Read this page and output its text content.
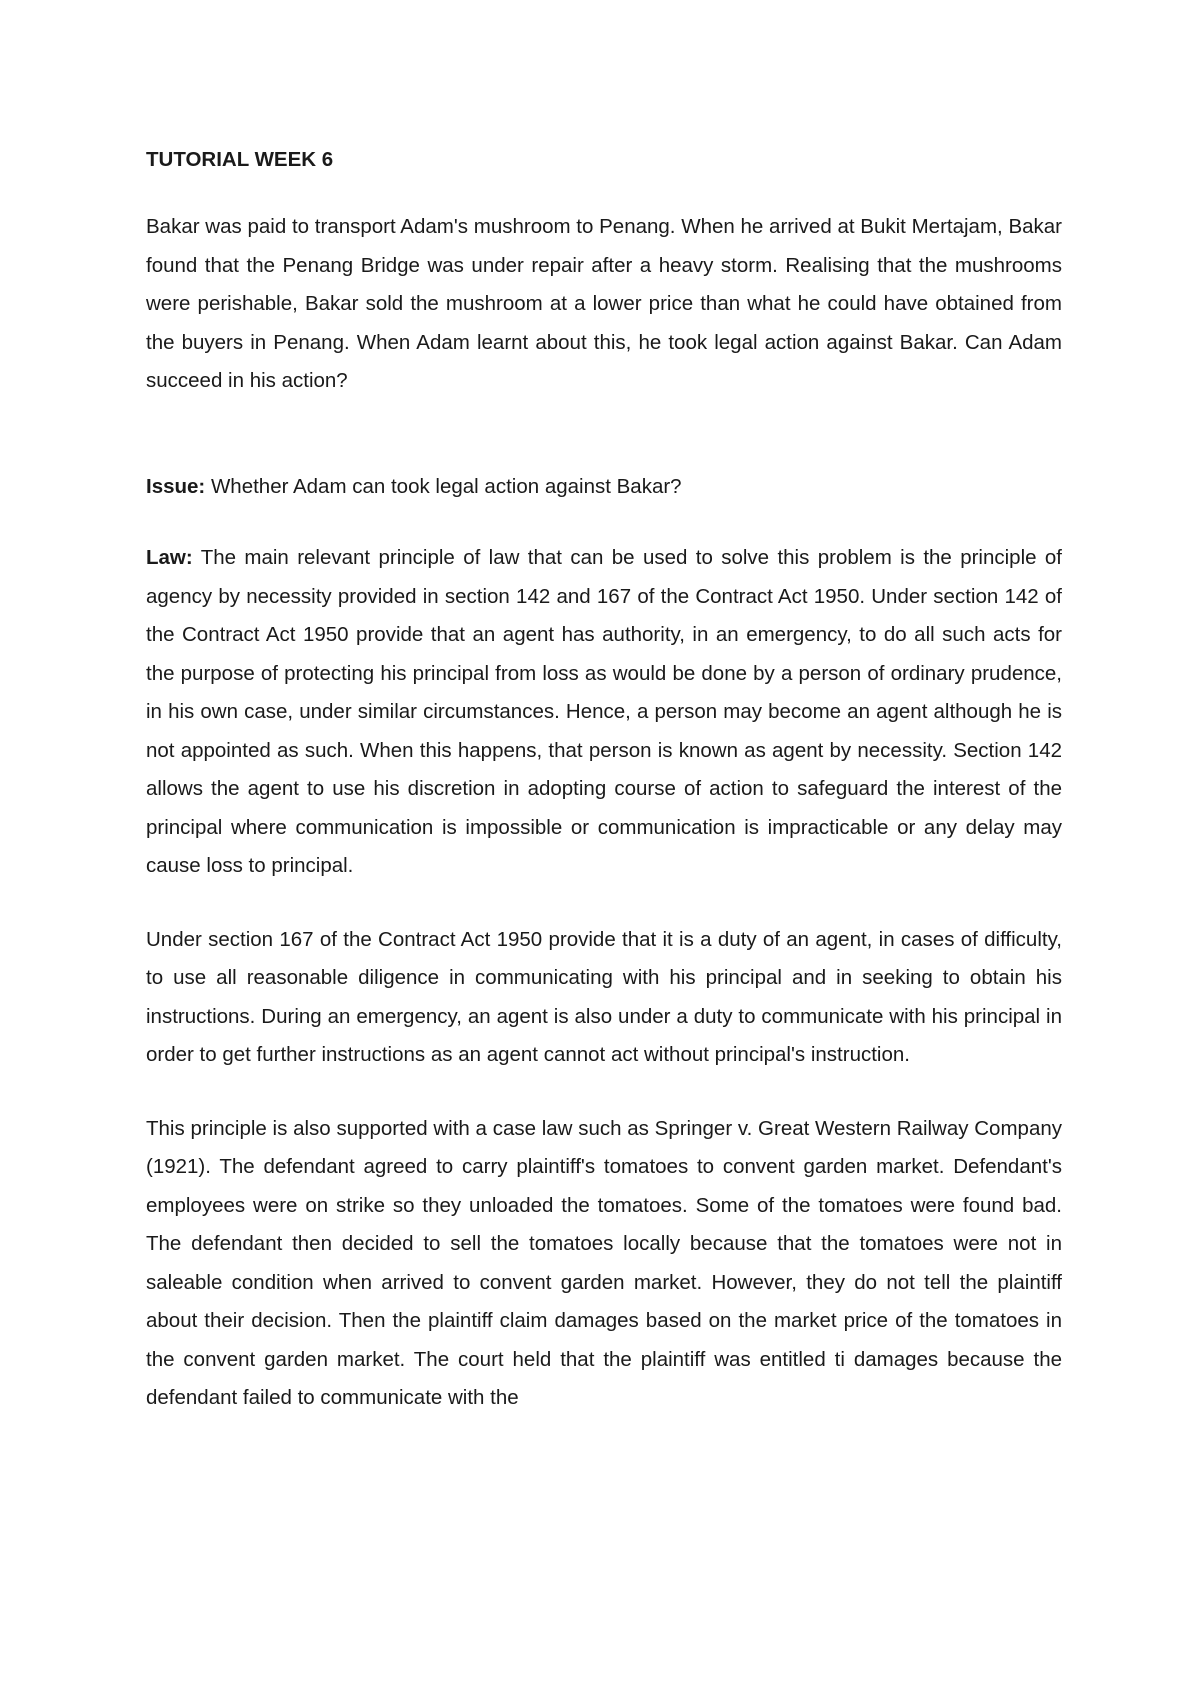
TUTORIAL WEEK 6

Bakar was paid to transport Adam's mushroom to Penang. When he arrived at Bukit Mertajam, Bakar found that the Penang Bridge was under repair after a heavy storm. Realising that the mushrooms were perishable, Bakar sold the mushroom at a lower price than what he could have obtained from the buyers in Penang. When Adam learnt about this, he took legal action against Bakar. Can Adam succeed in his action?

Issue: Whether Adam can took legal action against Bakar?

Law: The main relevant principle of law that can be used to solve this problem is the principle of agency by necessity provided in section 142 and 167 of the Contract Act 1950. Under section 142 of the Contract Act 1950 provide that an agent has authority, in an emergency, to do all such acts for the purpose of protecting his principal from loss as would be done by a person of ordinary prudence, in his own case, under similar circumstances. Hence, a person may become an agent although he is not appointed as such. When this happens, that person is known as agent by necessity. Section 142 allows the agent to use his discretion in adopting course of action to safeguard the interest of the principal where communication is impossible or communication is impracticable or any delay may cause loss to principal.

Under section 167 of the Contract Act 1950 provide that it is a duty of an agent, in cases of difficulty, to use all reasonable diligence in communicating with his principal and in seeking to obtain his instructions. During an emergency, an agent is also under a duty to communicate with his principal in order to get further instructions as an agent cannot act without principal's instruction.

This principle is also supported with a case law such as Springer v. Great Western Railway Company (1921). The defendant agreed to carry plaintiff's tomatoes to convent garden market. Defendant's employees were on strike so they unloaded the tomatoes. Some of the tomatoes were found bad. The defendant then decided to sell the tomatoes locally because that the tomatoes were not in saleable condition when arrived to convent garden market. However, they do not tell the plaintiff about their decision. Then the plaintiff claim damages based on the market price of the tomatoes in the convent garden market. The court held that the plaintiff was entitled ti damages because the defendant failed to communicate with the
